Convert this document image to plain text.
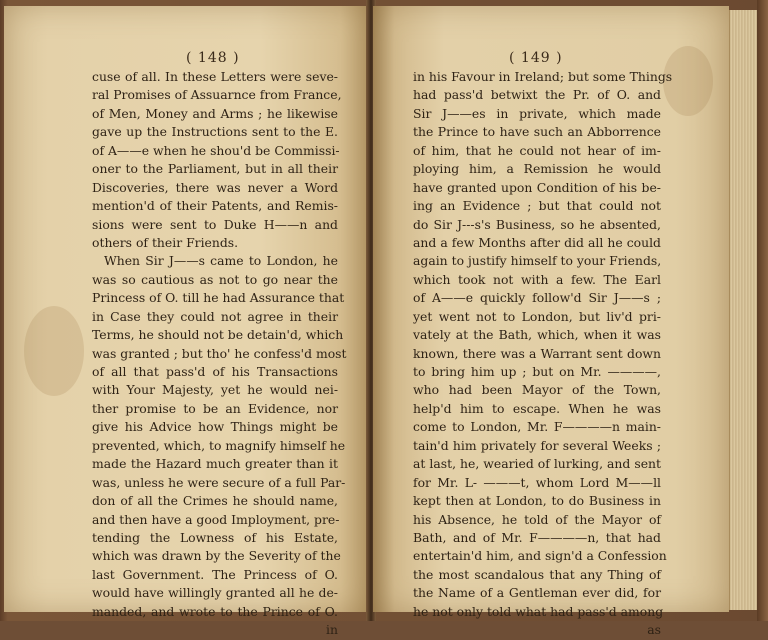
( 148 )
cuse of all. In these Letters were seve-
ral Promises of Assuarnce from France,
of Men, Money and Arms ; he likewise
gave up the Instructions sent to the E.
of A——e when he shou'd be Commissi-
oner to the Parliament, but in all their
Discoveries, there was never a Word
mention'd of their Patents, and Remis-
sions were sent to Duke H——n and
others of their Friends.
When Sir J——s came to London, he
was so cautious as not to go near the
Princess of O. till he had Assurance that
in Case they could not agree in their
Terms, he should not be detain'd, which
was granted ; but tho' he confess'd most
of all that pass'd of his Transactions
with Your Majesty, yet he would nei-
ther promise to be an Evidence, nor
give his Advice how Things might be
prevented, which, to magnify himself he
made the Hazard much greater than it
was, unless he were secure of a full Par-
don of all the Crimes he should name,
and then have a good Imployment, pre-
tending the Lowness of his Estate,
which was drawn by the Severity of the
last Government. The Princess of O.
would have willingly granted all he de-
manded, and wrote to the Prince of O.
in
( 149 )
in his Favour in Ireland; but some Things
had pass'd betwixt the Pr. of O. and
Sir J——es in private, which made
the Prince to have such an Abborrence
of him, that he could not hear of im-
ploying him, a Remission he would
have granted upon Condition of his be-
ing an Evidence ; but that could not
do Sir J---s's Business, so he absented,
and a few Months after did all he could
again to justify himself to your Friends,
which took not with a few. The Earl
of A——e quickly follow'd Sir J——s ;
yet went not to London, but liv'd pri-
vately at the Bath, which, when it was
known, there was a Warrant sent down
to bring him up ; but on Mr. ————,
who had been Mayor of the Town,
help'd him to escape. When he was
come to London, Mr. F————n main-
tain'd him privately for several Weeks ;
at last, he, wearied of lurking, and sent
for Mr. L- ———t, whom Lord M——ll
kept then at London, to do Business in
his Absence, he told of the Mayor of
Bath, and of Mr. F————n, that had
entertain'd him, and sign'd a Confession
the most scandalous that any Thing of
the Name of a Gentleman ever did, for
he not only told what had pass'd among
as
